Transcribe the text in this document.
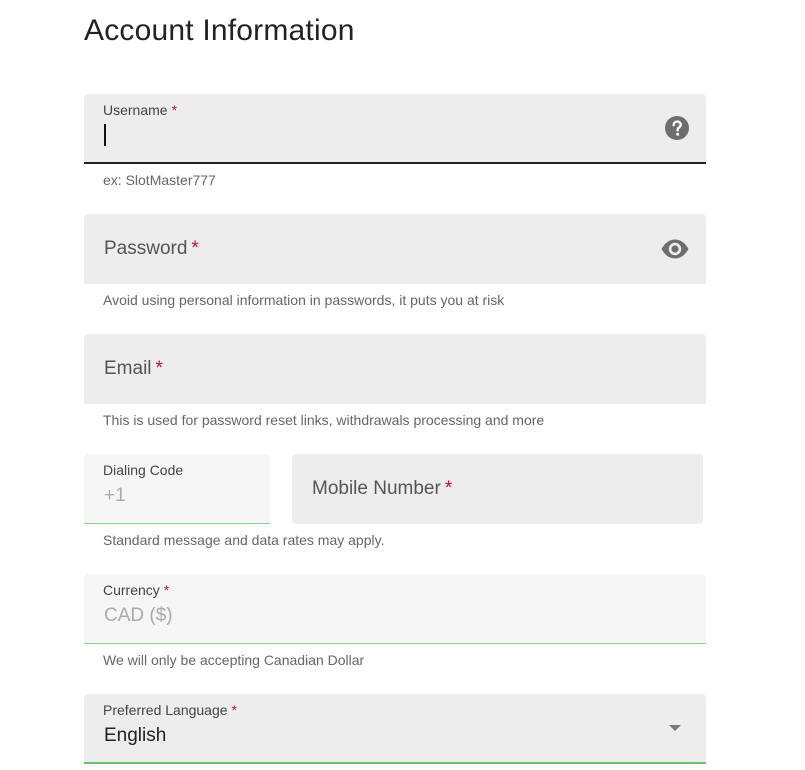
Account Information
Username *
ex: SlotMaster777
Password *
Avoid using personal information in passwords, it puts you at risk
Email *
This is used for password reset links, withdrawals processing and more
Dialing Code
+1	Mobile Number *
Standard message and data rates may apply.
Currency *
CAD ($)
We will only be accepting Canadian Dollar
Preferred Language *
English
